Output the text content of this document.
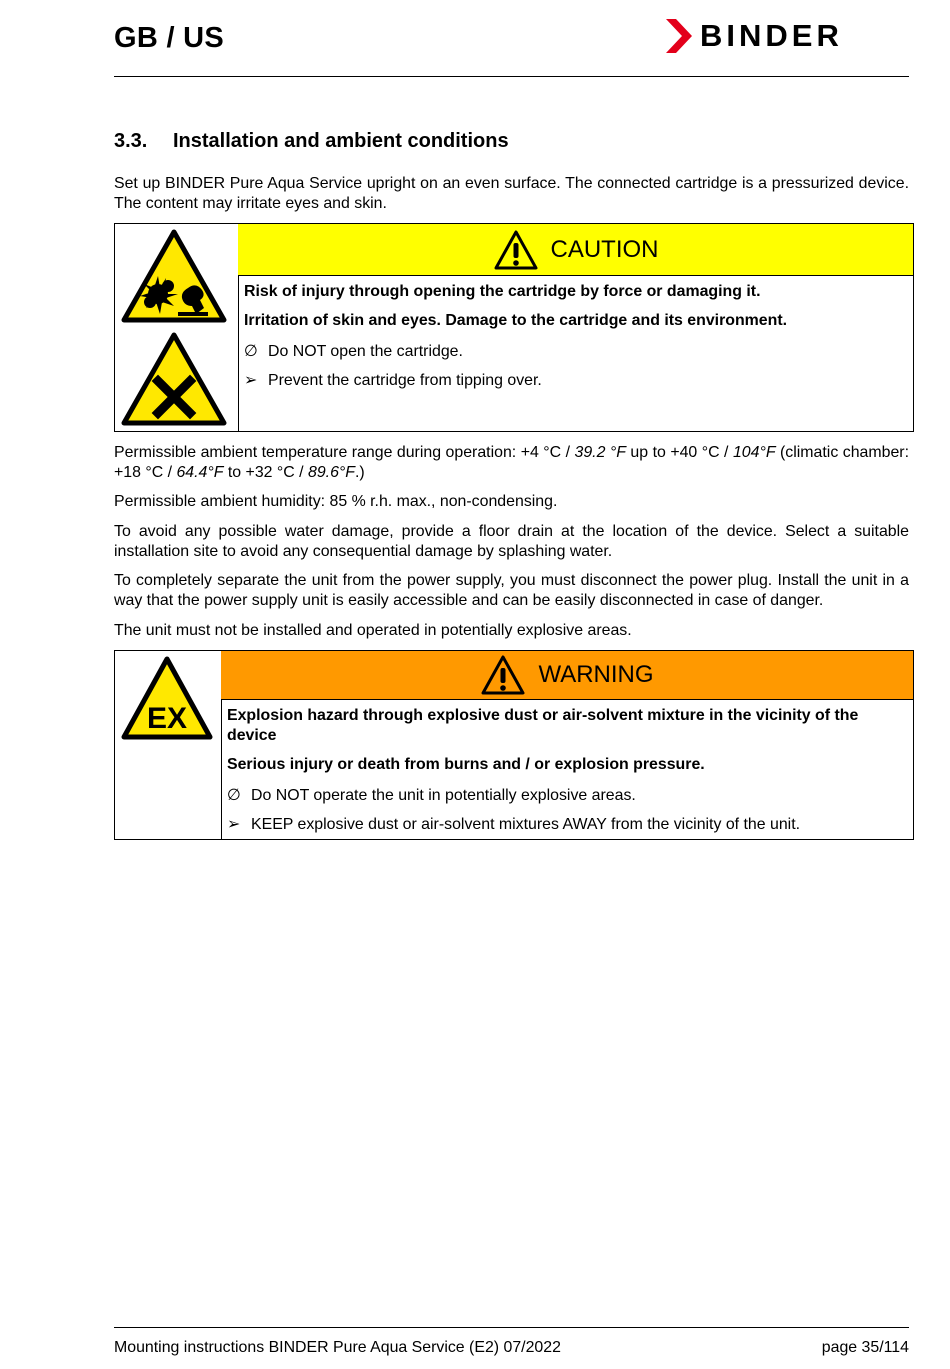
GB / US	BINDER
3.3. Installation and ambient conditions
Set up BINDER Pure Aqua Service upright on an even surface. The connected cartridge is a pressurized device. The content may irritate eyes and skin.
CAUTION

Risk of injury through opening the cartridge by force or damaging it.

Irritation of skin and eyes. Damage to the cartridge and its environment.

∅ Do NOT open the cartridge.

➢ Prevent the cartridge from tipping over.

Permissible ambient temperature range during operation: +4 °C / 39.2 °F up to +40 °C / 104°F (climatic chamber: +18 °C / 64.4°F to +32 °C / 89.6°F.)
Permissible ambient humidity: 85 % r.h. max., non-condensing.
To avoid any possible water damage, provide a floor drain at the location of the device. Select a suitable installation site to avoid any consequential damage by splashing water.
To completely separate the unit from the power supply, you must disconnect the power plug. Install the unit in a way that the power supply unit is easily accessible and can be easily disconnected in case of danger.
The unit must not be installed and operated in potentially explosive areas.
EX
WARNING

Explosion hazard through explosive dust or air-solvent mixture in the vicinity of the device

Serious injury or death from burns and / or explosion pressure.

∅ Do NOT operate the unit in potentially explosive areas.

➢ KEEP explosive dust or air-solvent mixtures AWAY from the vicinity of the unit.

Mounting instructions BINDER Pure Aqua Service (E2) 07/2022	page 35/114
